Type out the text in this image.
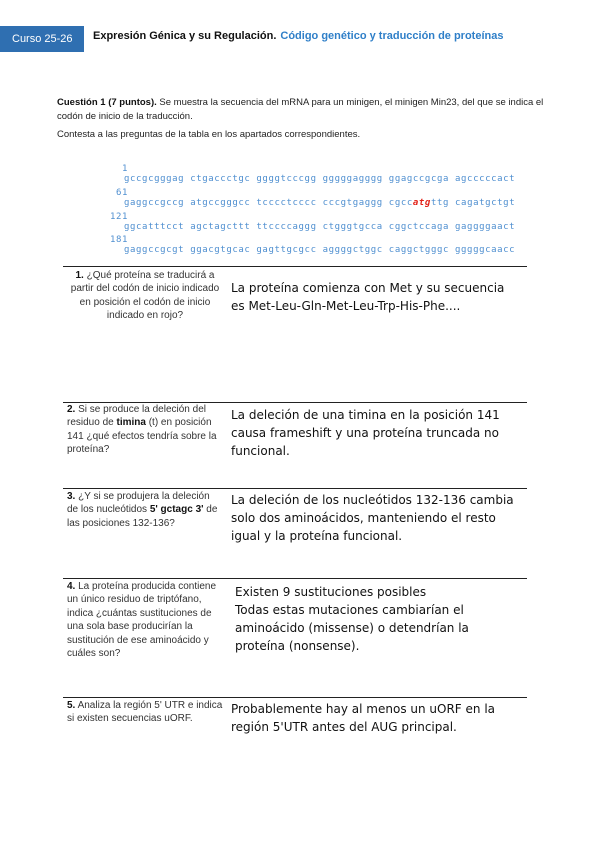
Curso 25-26	Expresión Génica y su Regulación. Código genético y traducción de proteínas
Cuestión 1 (7 puntos). Se muestra la secuencia del mRNA para un minigen, el minigen Min23, del que se indica el codón de inicio de la traducción.
Contesta a las preguntas de la tabla en los apartados correspondientes.

1

gccgcgggag ctgaccctgc ggggtcccgg gggggagggg ggagccgcga agcccccact

61

gaggccgccg atgccgggcc tcccctcccc cccgtgaggg cgccatgttg cagatgctgt

121

ggcatttcct agctagcttt ttccccaggg ctgggtgcca cggctccaga gaggggaact

181

gaggccgcgt ggacgtgcac gagttgcgcc aggggctggc caggctgggc gggggcaacc

1. ¿Qué proteína se traducirá a partir del codón de inicio indicado en posición el codón de inicio indicado en rojo?
La proteína comienza con Met y su secuencia es Met-Leu-Gln-Met-Leu-Trp-His-Phe....
2. Si se produce la deleción del residuo de timina (t) en posición 141 ¿qué efectos tendría sobre la proteína?
La deleción de una timina en la posición 141 causa frameshift y una proteína truncada no funcional.
3. ¿Y si se produjera la deleción de los nucleótidos 5' gctagc 3' de las posiciones 132-136?
La deleción de los nucleótidos 132-136 cambia solo dos aminoácidos, manteniendo el resto igual y la proteína funcional.
4. La proteína producida contiene un único residuo de triptófano, indica ¿cuántas sustituciones de una sola base producirían la sustitución de ese aminoácido y cuáles son?
Existen 9 sustituciones posibles
Todas estas mutaciones cambiarían el aminoácido (missense) o detendrían la proteína (nonsense).
5. Analiza la región 5' UTR e indica si existen secuencias uORF.
Probablemente hay al menos un uORF en la región 5'UTR antes del AUG principal.
